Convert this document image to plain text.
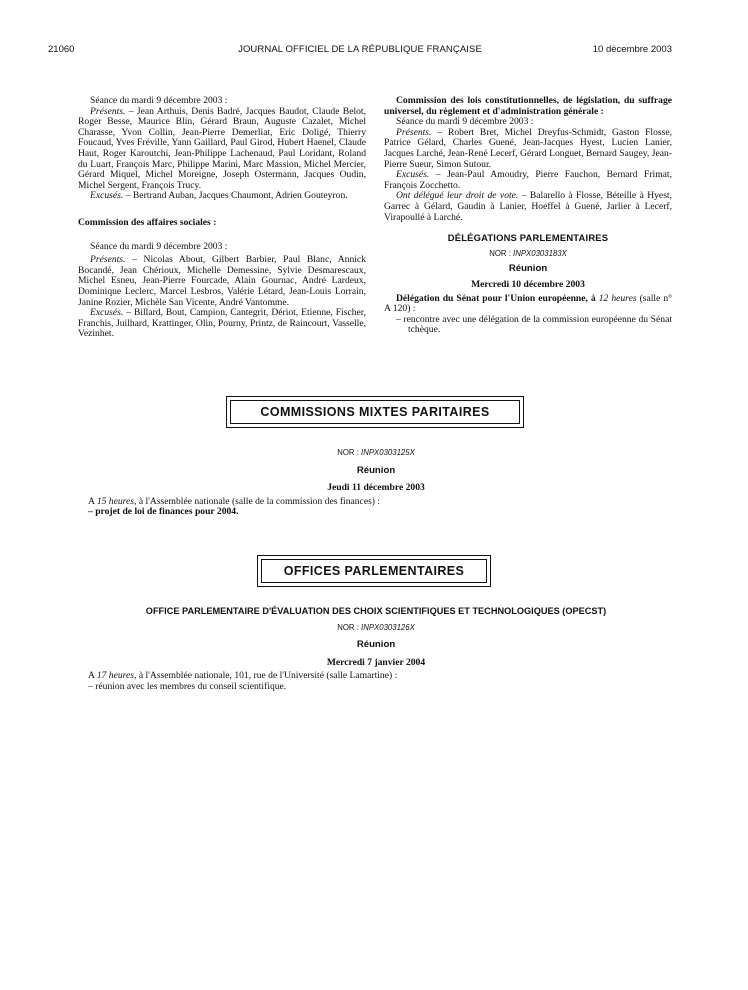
21060	JOURNAL OFFICIEL DE LA RÉPUBLIQUE FRANÇAISE	10 décembre 2003

Séance du mardi 9 décembre 2003 :

Présents. – Jean Arthuis, Denis Badré, Jacques Baudot, Claude Belot, Roger Besse, Maurice Blin, Gérard Braun, Auguste Cazalet, Michel Charasse, Yvon Collin, Jean-Pierre Demerliat, Eric Doligé, Thierry Foucaud, Yves Fréville, Yann Gaillard, Paul Girod, Hubert Haenel, Claude Haut, Roger Karoutchi, Jean-Philippe Lachenaud, Paul Loridant, Roland du Luart, François Marc, Philippe Marini, Marc Massion, Michel Mercier, Gérard Miquel, Michel Moreigne, Joseph Ostermann, Jacques Oudin, Michel Sergent, François Trucy.

Excusés. – Bertrand Auban, Jacques Chaumont, Adrien Gouteyron.

Commission des affaires sociales :

Séance du mardi 9 décembre 2003 :

Présents. – Nicolas About, Gilbert Barbier, Paul Blanc, Annick Bocandé, Jean Chérioux, Michelle Demessine, Sylvie Desmarescaux, Michel Esneu, Jean-Pierre Fourcade, Alain Gournac, André Lardeux, Dominique Leclerc, Marcel Lesbros, Valérie Létard, Jean-Louis Lorrain, Janine Rozier, Michèle San Vicente, André Vantomme.

Excusés. – Billard, Bout, Campion, Cantegrit, Dériot, Etienne, Fischer, Franchis, Juilhard, Krattinger, Olin, Pourny, Printz, de Raincourt, Vasselle, Vezinhet.

Commission des lois constitutionnelles, de législation, du suffrage universel, du règlement et d'administration générale :

Séance du mardi 9 décembre 2003 :

Présents. – Robert Bret, Michel Dreyfus-Schmidt, Gaston Flosse, Patrice Gélard, Charles Guené, Jean-Jacques Hyest, Lucien Lanier, Jacques Larché, Jean-René Lecerf, Gérard Longuet, Bernard Saugey, Jean-Pierre Sueur, Simon Sutour.

Excusés. – Jean-Paul Amoudry, Pierre Fauchon, Bernard Frimat, François Zocchetto.

Ont délégué leur droit de vote. – Balarello à Flosse, Béteille à Hyest, Garrec à Gélard, Gaudin à Lanier, Hoeffel à Guené, Jarlier à Lecerf, Virapoullé à Larché.

DÉLÉGATIONS PARLEMENTAIRES

NOR : INPX0303183X

Réunion

Mercredi 10 décembre 2003

Délégation du Sénat pour l'Union européenne, à 12 heures (salle n° A 120) :

– rencontre avec une délégation de la commission européenne du Sénat tchèque.

COMMISSIONS MIXTES PARITAIRES

NOR : INPX0303125X

Réunion

Jeudi 11 décembre 2003

A 15 heures, à l'Assemblée nationale (salle de la commission des finances) :

– projet de loi de finances pour 2004.

OFFICES PARLEMENTAIRES

OFFICE PARLEMENTAIRE D'ÉVALUATION DES CHOIX SCIENTIFIQUES ET TECHNOLOGIQUES (OPECST)

NOR : INPX0303126X

Réunion

Mercredi 7 janvier 2004

A 17 heures, à l'Assemblée nationale, 101, rue de l'Université (salle Lamartine) :

– réunion avec les membres du conseil scientifique.
